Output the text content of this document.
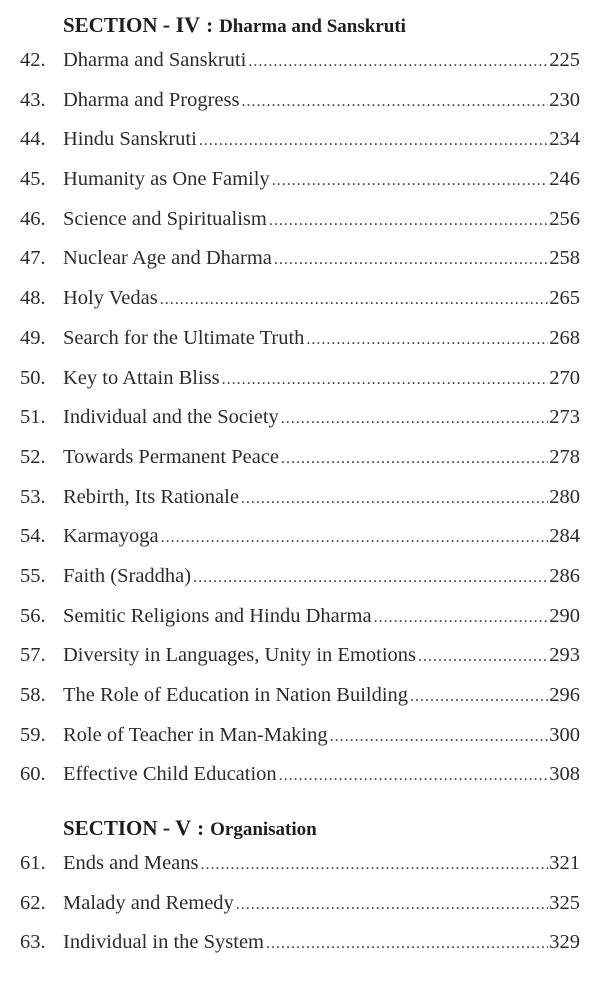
SECTION - IV : Dharma and Sanskruti
42. Dharma and Sanskruti .....	225
43. Dharma and Progress .....	230
44. Hindu Sanskruti .....	234
45. Humanity as One Family .....	246
46. Science and Spiritualism .....	256
47. Nuclear Age and Dharma .....	258
48. Holy Vedas .....	265
49. Search for the Ultimate Truth .....	268
50. Key to Attain Bliss .....	270
51. Individual and the Society .....	273
52. Towards Permanent Peace .....	278
53. Rebirth, Its Rationale .....	280
54. Karmayoga .....	284
55. Faith (Sraddha) .....	286
56. Semitic Religions and Hindu Dharma .....	290
57. Diversity in Languages, Unity in Emotions .....	293
58. The Role of Education in Nation Building .....	296
59. Role of Teacher in Man-Making .....	300
60. Effective Child Education .....	308
SECTION - V : Organisation
61. Ends and Means .....	321
62. Malady and Remedy .....	325
63. Individual in the System .....	329
